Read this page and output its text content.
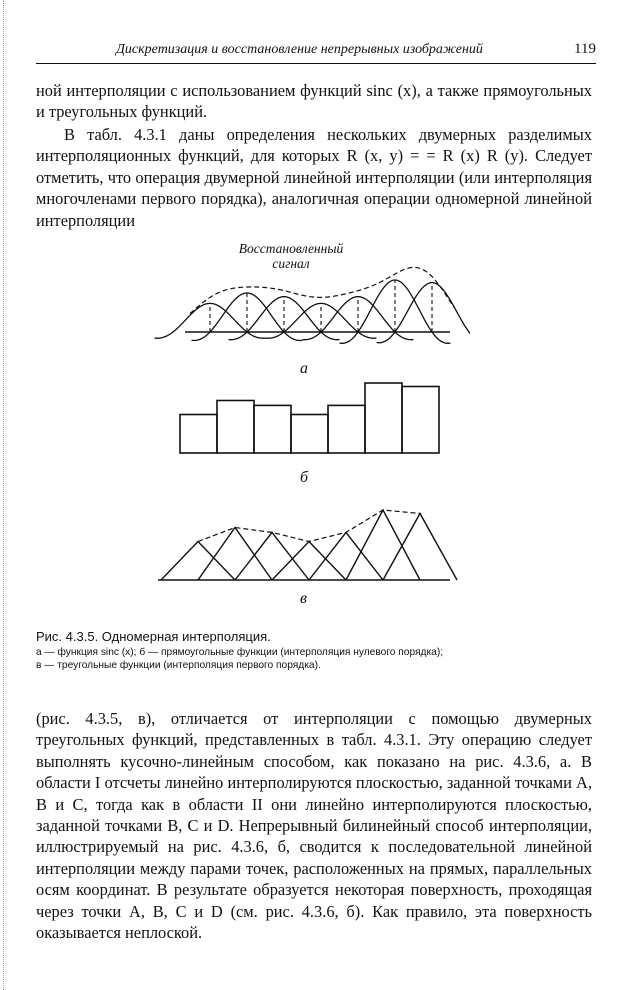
Дискретизация и восстановление непрерывных изображений	119

ной интерполяции с использованием функций sinc (x), а также прямоугольных и треугольных функций.

В табл. 4.3.1 даны определения нескольких двумерных разделимых интерполяционных функций, для которых R (x, y) = = R (x) R (y). Следует отметить, что операция двумерной линейной интерполяции (или интерполяция многочленами первого порядка), аналогичная операции одномерной линейной интерполяции

Восстановленный
сигнал
а
б
в
Рис. 4.3.5. Одномерная интерполяция.
а — функция sinc (x); б — прямоугольные функции (интерполяция нулевого порядка);
в — треугольные функции (интерполяция первого порядка).

(рис. 4.3.5, в), отличается от интерполяции с помощью двумерных треугольных функций, представленных в табл. 4.3.1. Эту операцию следует выполнять кусочно-линейным способом, как показано на рис. 4.3.6, а. В области I отсчеты линейно интерполируются плоскостью, заданной точками A, B и C, тогда как в области II они линейно интерполируются плоскостью, заданной точками B, C и D. Непрерывный билинейный способ интерполяции, иллюстрируемый на рис. 4.3.6, б, сводится к последовательной линейной интерполяции между парами точек, расположенных на прямых, параллельных осям координат. В результате образуется некоторая поверхность, проходящая через точки A, B, C и D (см. рис. 4.3.6, б). Как правило, эта поверхность оказывается неплоской.
